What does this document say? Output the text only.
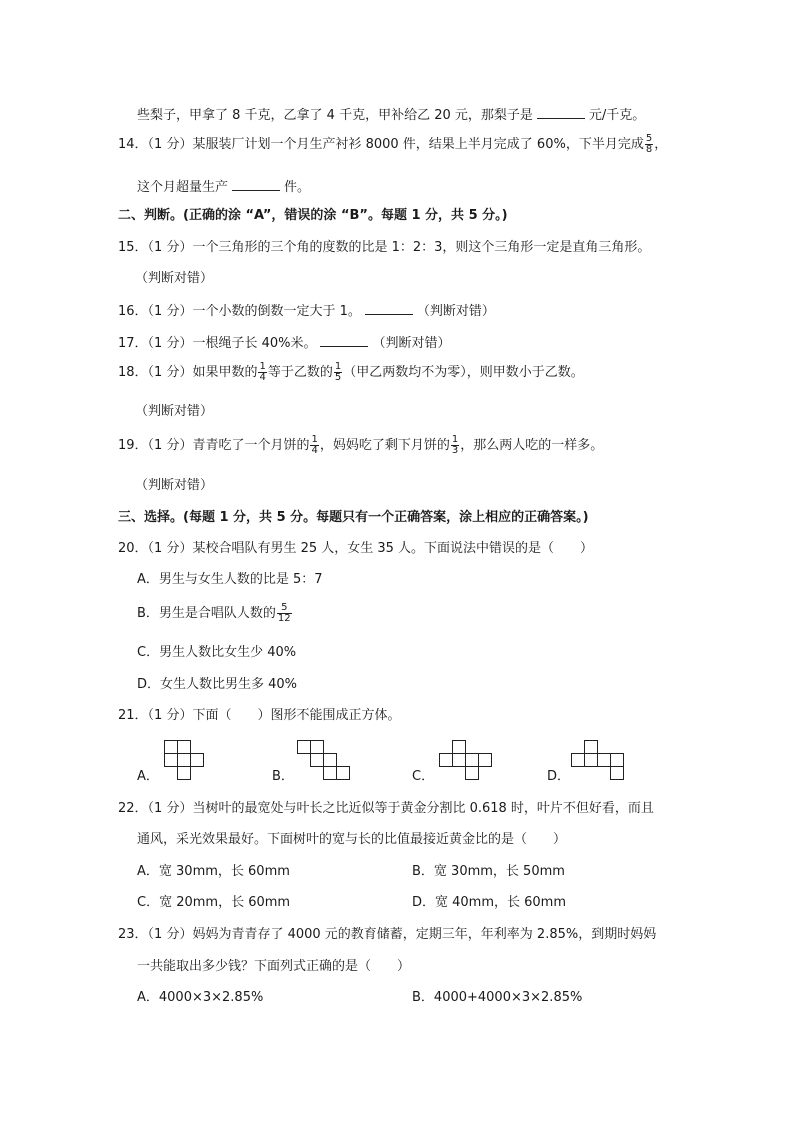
些梨子，甲拿了 8 千克，乙拿了 4 千克，甲补给乙 20 元，那梨子是	元/千克。
14．（1 分）某服装厂计划一个月生产衬衫 8000 件，结果上半月完成了 60%，下半月完成 $\frac{5}{8}$ ，
这个月超量生产	件。
二、判断。(正确的涂 “A”，错误的涂 “B”。每题 1 分，共 5 分。)
15．（1 分）一个三角形的三个角的度数的比是 1：2：3，则这个三角形一定是直角三角形。
（判断对错）
16．（1 分）一个小数的倒数一定大于 1。	（判断对错）
17．（1 分）一根绳子长 40%米。	（判断对错）
18．（1 分）如果甲数的 $\frac{1}{4}$ 等于乙数的 $\frac{1}{5}$ （甲乙两数均不为零），则甲数小于乙数。
（判断对错）
19．（1 分）青青吃了一个月饼的 $\frac{1}{4}$ ，妈妈吃了剩下月饼的 $\frac{1}{3}$ ，那么两人吃的一样多。
（判断对错）
三、选择。(每题 1 分，共 5 分。每题只有一个正确答案，涂上相应的正确答案。)
20．（1 分）某校合唱队有男生 25 人，女生 35 人。下面说法中错误的是（　　）
A．男生与女生人数的比是 5：7
B．男生是合唱队人数的 $\frac{5}{12}$
C．男生人数比女生少 40%
D．女生人数比男生多 40%
21．（1 分）下面（　　）图形不能围成正方体。
A．	B．	C．	D．
22．（1 分）当树叶的最宽处与叶长之比近似等于黄金分割比 0.618 时，叶片不但好看，而且
通风，采光效果最好。下面树叶的宽与长的比值最接近黄金比的是（　　）
A．宽 30mm，长 60mm	B．宽 30mm，长 50mm
C．宽 20mm，长 60mm	D．宽 40mm，长 60mm
23．（1 分）妈妈为青青存了 4000 元的教育储蓄，定期三年，年利率为 2.85%，到期时妈妈
一共能取出多少钱？下面列式正确的是（　　）
A．4000×3×2.85%	B．4000+4000×3×2.85%
